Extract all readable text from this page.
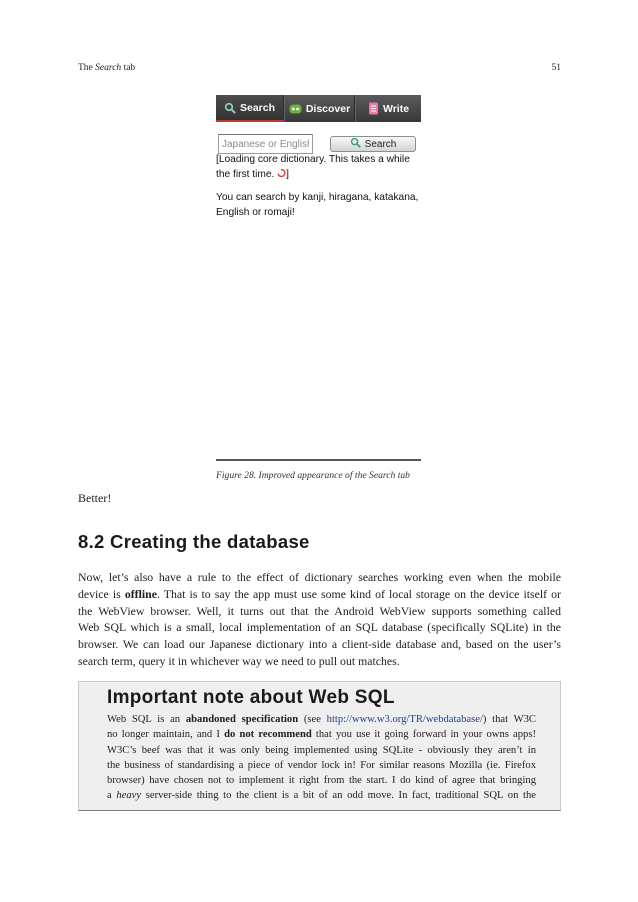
The Search tab	51
Search	Discover	Write
Japanese or English
Search
[Loading core dictionary. This takes a while
the first time. ]
You can search by kanji, hiragana, katakana,
English or romaji!
Figure 28. Improved appearance of the Search tab
Better!
8.2 Creating the database
Now, let’s also have a rule to the effect of dictionary searches working even when the mobile
device is offline. That is to say the app must use some kind of local storage on the device itself or
the WebView browser. Well, it turns out that the Android WebView supports something called
Web SQL which is a small, local implementation of an SQL database (specifically SQLite) in the
browser. We can load our Japanese dictionary into a client-side database and, based on the user’s
search term, query it in whichever way we need to pull out matches.
Important note about Web SQL
Web SQL is an abandoned specification (see http://www.w3.org/TR/webdatabase/) that W3C
no longer maintain, and I do not recommend that you use it going forward in your owns apps!
W3C’s beef was that it was only being implemented using SQLite - obviously they aren’t in
the business of standardising a piece of vendor lock in! For similar reasons Mozilla (ie. Firefox
browser) have chosen not to implement it right from the start. I do kind of agree that bringing
a heavy server-side thing to the client is a bit of an odd move. In fact, traditional SQL on the
